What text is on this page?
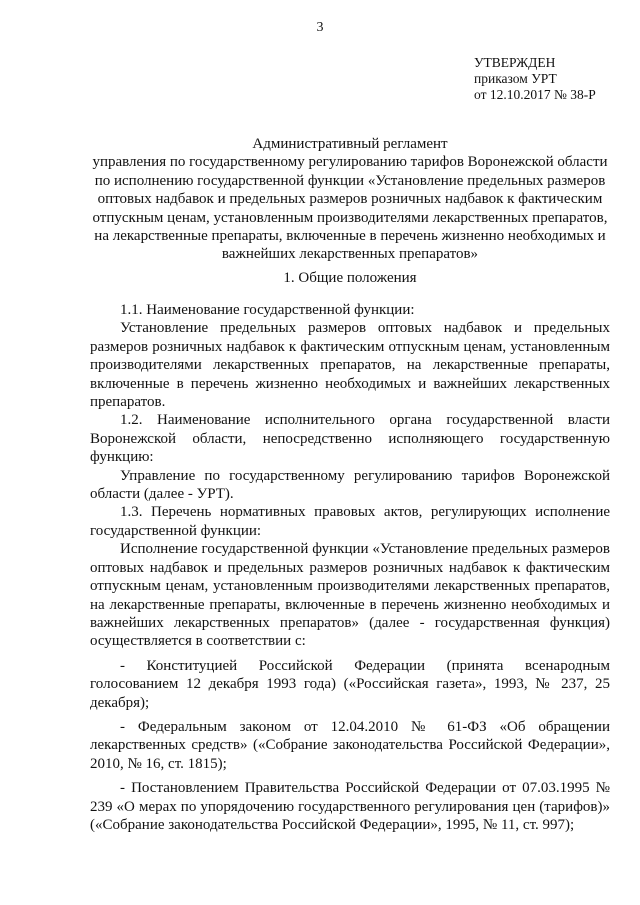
3
УТВЕРЖДЕН
приказом УРТ
от 12.10.2017 № 38-Р
Административный регламент
управления по государственному регулированию тарифов Воронежской области по исполнению государственной функции «Установление предельных размеров оптовых надбавок и предельных размеров розничных надбавок к фактическим отпускным ценам, установленным производителями лекарственных препаратов, на лекарственные препараты, включенные в перечень жизненно необходимых и важнейших лекарственных препаратов»
1. Общие положения

1.1. Наименование государственной функции:

Установление предельных размеров оптовых надбавок и предельных размеров розничных надбавок к фактическим отпускным ценам, установленным производителями лекарственных препаратов, на лекарственные препараты, включенные в перечень жизненно необходимых и важнейших лекарственных препаратов.

1.2. Наименование исполнительного органа государственной власти Воронежской области, непосредственно исполняющего государственную функцию:

Управление по государственному регулированию тарифов Воронежской области (далее - УРТ).

1.3. Перечень нормативных правовых актов, регулирующих исполнение государственной функции:

Исполнение государственной функции «Установление предельных размеров оптовых надбавок и предельных размеров розничных надбавок к фактическим отпускным ценам, установленным производителями лекарственных препаратов, на лекарственные препараты, включенные в перечень жизненно необходимых и важнейших лекарственных препаратов» (далее - государственная функция) осуществляется в соответствии с:

- Конституцией Российской Федерации (принята всенародным голосованием 12 декабря 1993 года) («Российская газета», 1993, № 237, 25 декабря);

- Федеральным законом от 12.04.2010 № 61-ФЗ «Об обращении лекарственных средств» («Собрание законодательства Российской Федерации», 2010, № 16, ст. 1815);

- Постановлением Правительства Российской Федерации от 07.03.1995 № 239 «О мерах по упорядочению государственного регулирования цен (тарифов)» («Собрание законодательства Российской Федерации», 1995, № 11, ст. 997);
